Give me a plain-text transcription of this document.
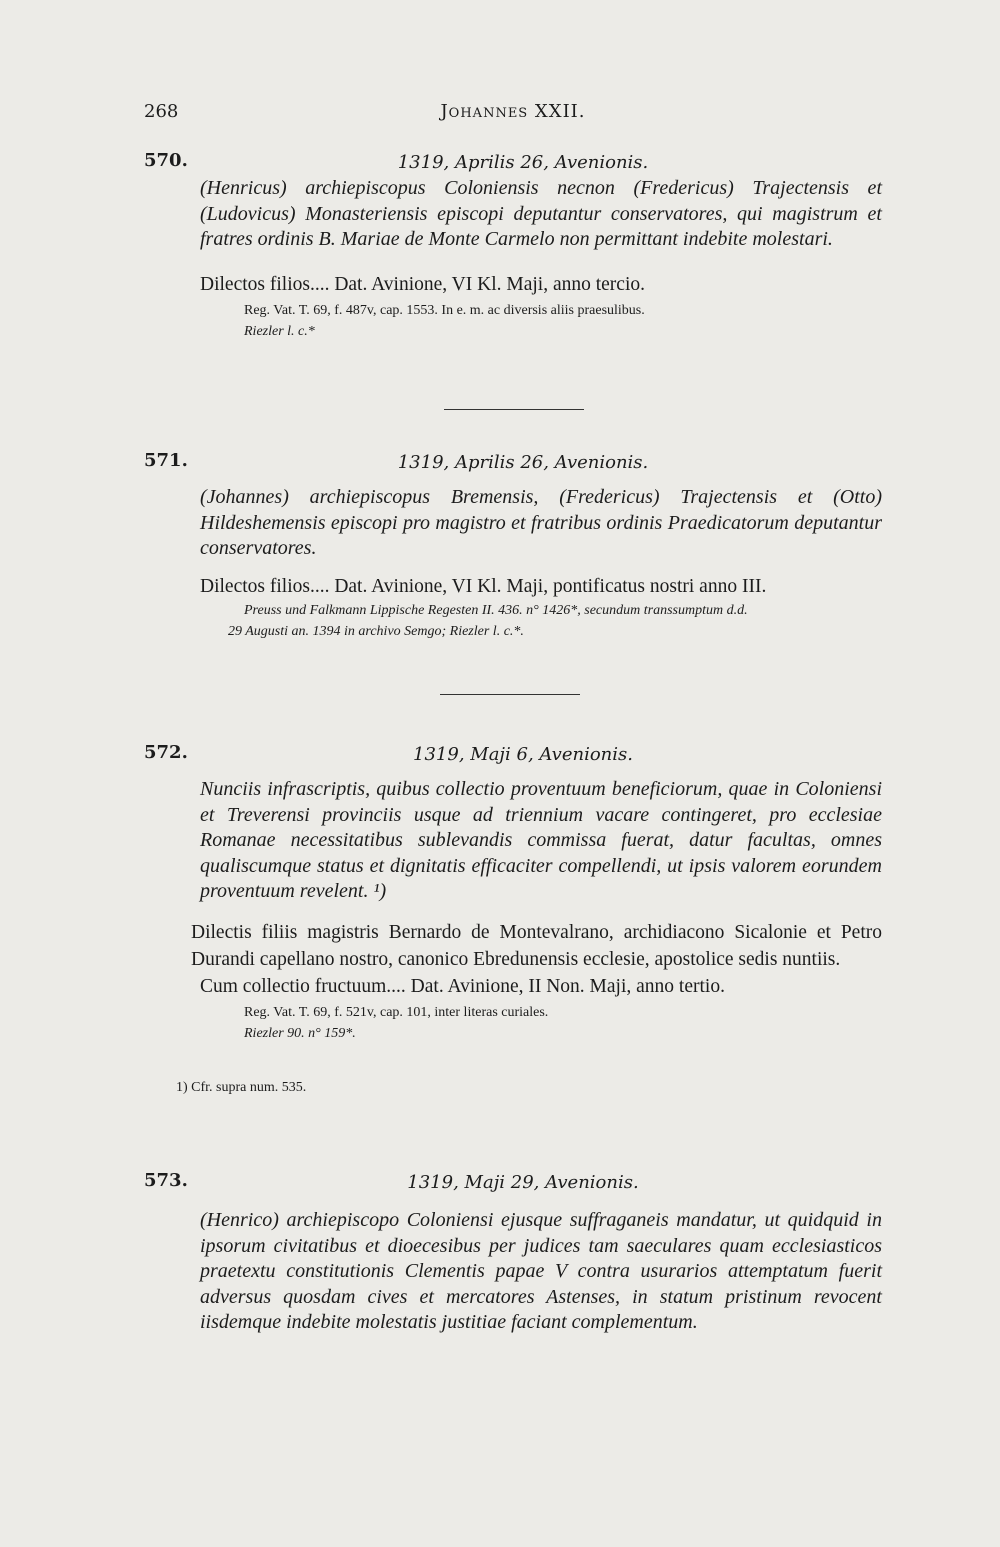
268	Johannes XXII.
570.	1319, Aprilis 26, Avenionis.

(Henricus) archiepiscopus Coloniensis necnon (Fredericus) Trajectensis et (Ludovicus) Monasteriensis episcopi deputantur conservatores, qui magistrum et fratres ordinis B. Mariae de Monte Carmelo non permittant indebite molestari.

Dilectos filios.... Dat. Avinione, VI Kl. Maji, anno tercio.

Reg. Vat. T. 69, f. 487v, cap. 1553. In e. m. ac diversis aliis praesulibus.

Riezler l. c.*

571.	1319, Aprilis 26, Avenionis.

(Johannes) archiepiscopus Bremensis, (Fredericus) Trajectensis et (Otto) Hildeshemensis episcopi pro magistro et fratribus ordinis Praedicatorum deputantur conservatores.

Dilectos filios.... Dat. Avinione, VI Kl. Maji, pontificatus nostri anno III.

Preuss und Falkmann Lippische Regesten II. 436. n° 1426*, secundum transsumptum d.d.

29 Augusti an. 1394 in archivo Semgo; Riezler l. c.*.

572.	1319, Maji 6, Avenionis.

Nunciis infrascriptis, quibus collectio proventuum beneficiorum, quae in Coloniensi et Treverensi provinciis usque ad triennium vacare contingeret, pro ecclesiae Romanae necessitatibus sublevandis commissa fuerat, datur facultas, omnes qualiscumque status et dignitatis efficaciter compellendi, ut ipsis valorem eorundem proventuum revelent. ¹)

Dilectis filiis magistris Bernardo de Montevalrano, archidiacono Sicalonie et Petro Durandi capellano nostro, canonico Ebredunensis ecclesie, apostolice sedis nuntiis.

Cum collectio fructuum.... Dat. Avinione, II Non. Maji, anno tertio.

Reg. Vat. T. 69, f. 521v, cap. 101, inter literas curiales.

Riezler 90. n° 159*.

1) Cfr. supra num. 535.
573.	1319, Maji 29, Avenionis.

(Henrico) archiepiscopo Coloniensi ejusque suffraganeis mandatur, ut quidquid in ipsorum civitatibus et dioecesibus per judices tam saeculares quam ecclesiasticos praetextu constitutionis Clementis papae V contra usurarios attemptatum fuerit adversus quosdam cives et mercatores Astenses, in statum pristinum revocent iisdemque indebite molestatis justitiae faciant complementum.
